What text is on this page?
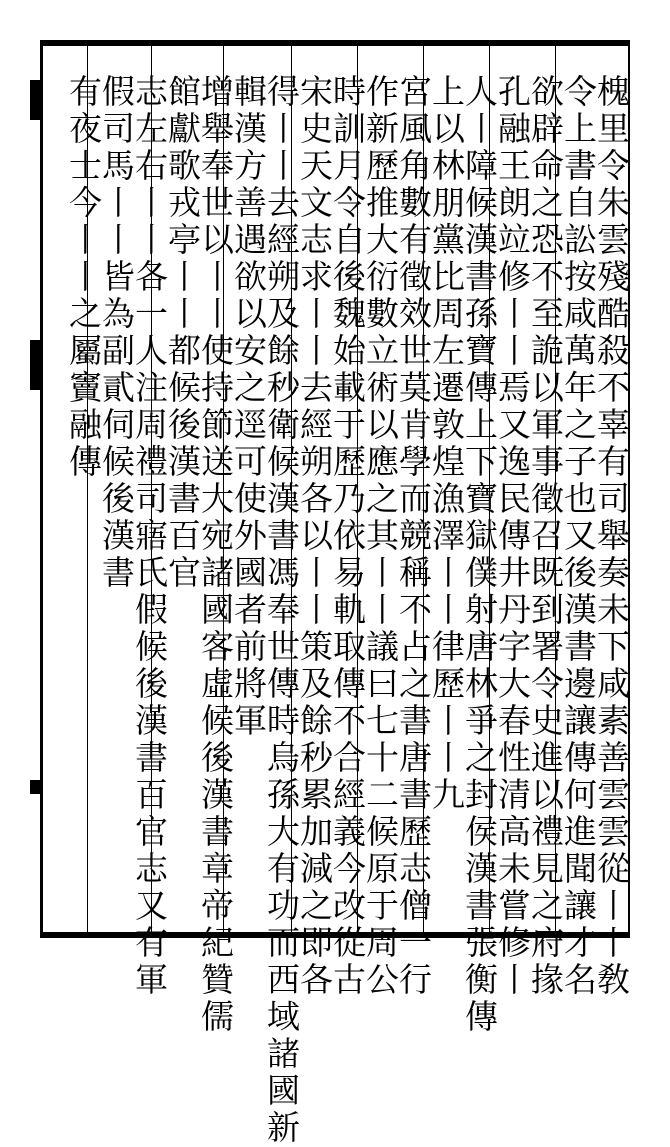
槐里令朱雲殘酷殺不辜有司舉奏未下咸素善雲雲從丨丨敎
令上書自訟按咸萬年之子也又後漢書邊讓傳何進聞讓才名
欲辟命之恐不至詭以軍事徵召既到署令史進以禮見之府掾
孔融王朗竝修丨丨焉又逸民傳井丹字大春性清高未嘗修丨
人丨障候漢書孫寶傳上下寶獄僕射唐林爭之封侯漢書張衡傳
上以林朋黨比周左遷敦煌漁澤丨丨律歷丨丨九
宮風角數有徵效世莫肯學而競稱不占之書唐書歷志僧一行
作新歷推大衍數立術以應之其丨丨議曰七十二候原于周公
時訓月令自後魏始載于歷乃依易軌取傳不合經義今改從古
宋史天文志求丨丨去經朔各以丨丨策及餘秒累加減之即各
得丨丨去經朔及餘秒衛候漢書馮奉世傳時烏孫大有功而西域諸國新
輯漢方善遇欲以安之逕可使外國者前將軍
增舉奉世以丨丨使持節送大宛諸國客虛候後漢書章帝紀贊儒
館獻歌戎亭丨丨都候後漢書百官
志左右丨丨各一人注周禮司寤氏假候後漢書百官志又有軍
假司馬丨丨皆為副貳伺候後漢書
有夜士今丨丨之屬竇融傳
